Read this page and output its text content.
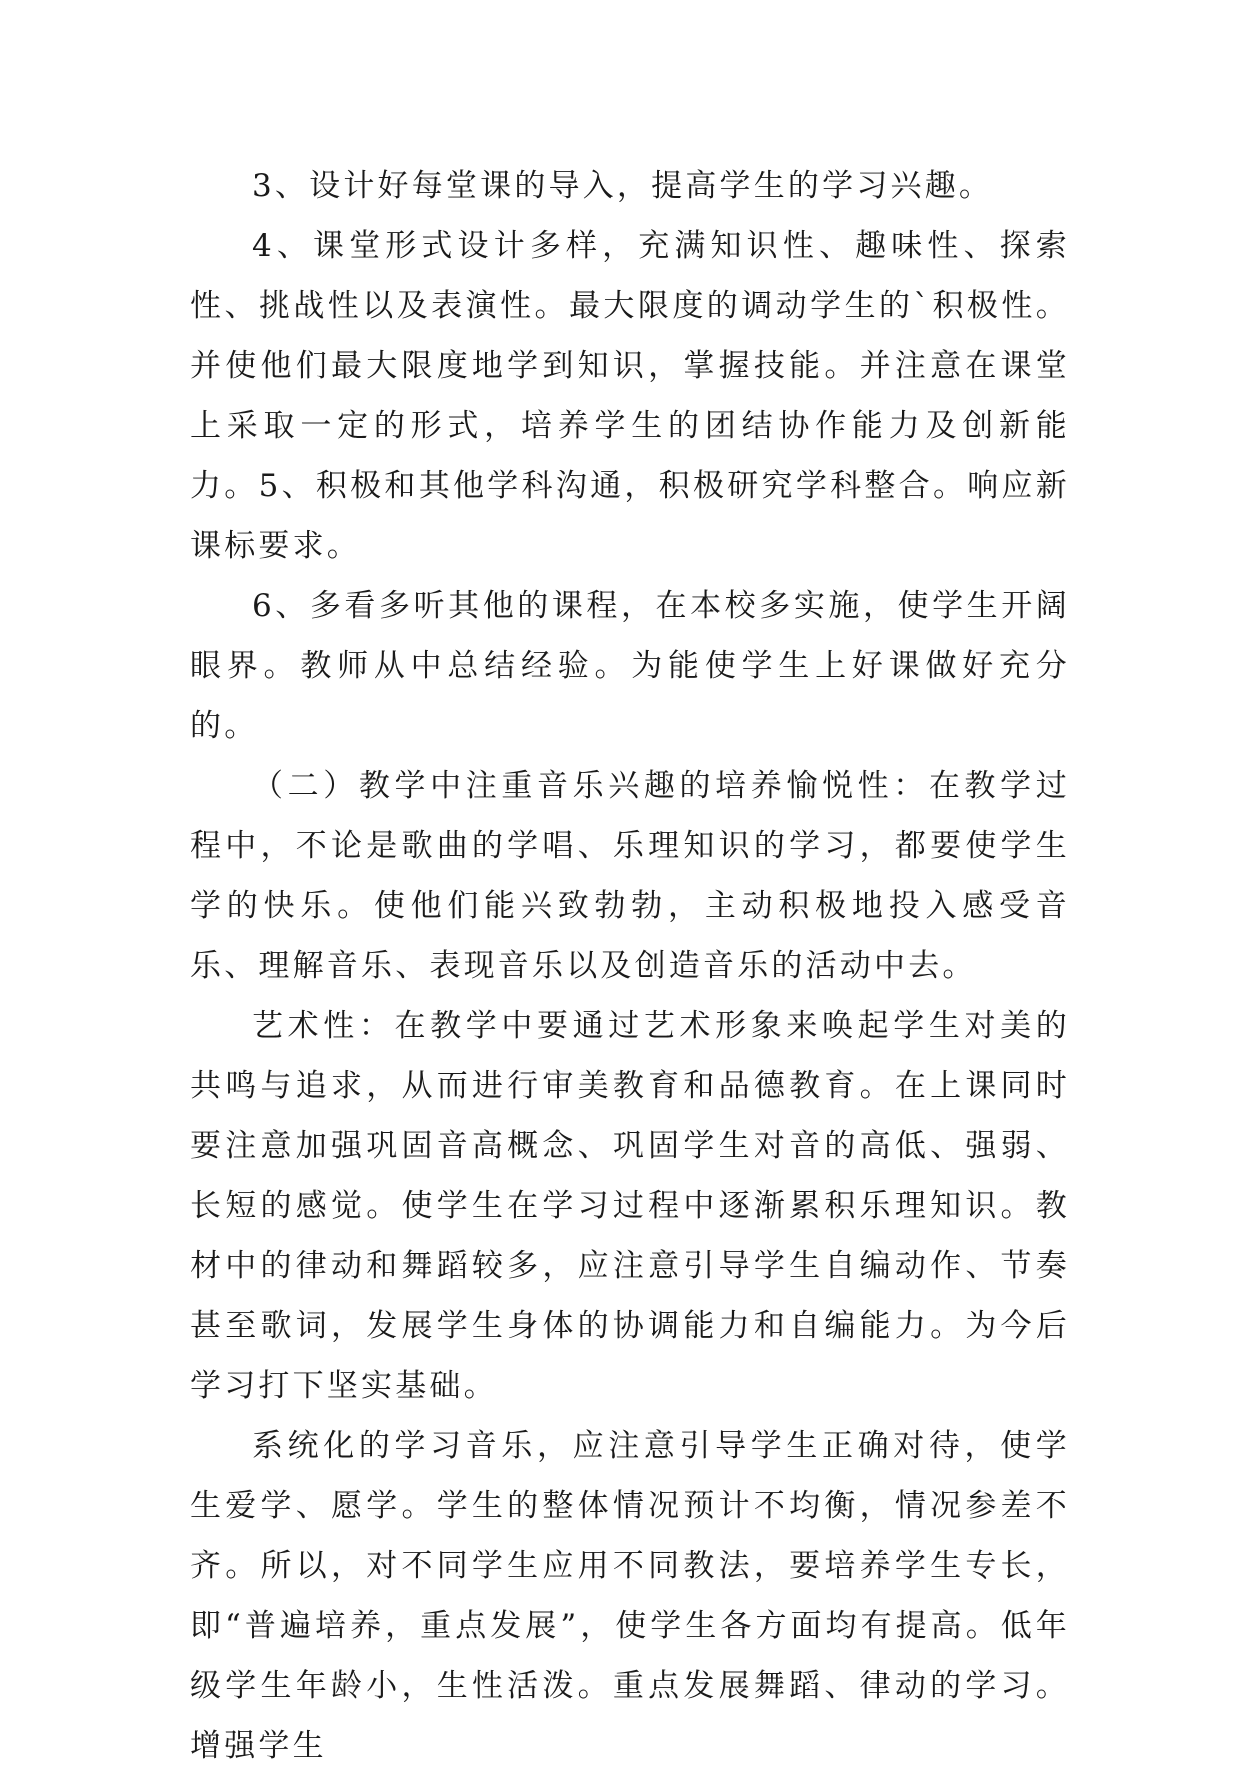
3、设计好每堂课的导入，提高学生的学习兴趣。

4、课堂形式设计多样，充满知识性、趣味性、探索性、挑战性以及表演性。最大限度的调动学生的`积极性。并使他们最大限度地学到知识，掌握技能。并注意在课堂上采取一定的形式，培养学生的团结协作能力及创新能力。5、积极和其他学科沟通，积极研究学科整合。响应新课标要求。

6、多看多听其他的课程，在本校多实施，使学生开阔眼界。教师从中总结经验。为能使学生上好课做好充分的。

（二）教学中注重音乐兴趣的培养愉悦性：在教学过程中，不论是歌曲的学唱、乐理知识的学习，都要使学生学的快乐。使他们能兴致勃勃，主动积极地投入感受音乐、理解音乐、表现音乐以及创造音乐的活动中去。

艺术性：在教学中要通过艺术形象来唤起学生对美的共鸣与追求，从而进行审美教育和品德教育。在上课同时要注意加强巩固音高概念、巩固学生对音的高低、强弱、长短的感觉。使学生在学习过程中逐渐累积乐理知识。教材中的律动和舞蹈较多，应注意引导学生自编动作、节奏甚至歌词，发展学生身体的协调能力和自编能力。为今后学习打下坚实基础。

系统化的学习音乐，应注意引导学生正确对待，使学生爱学、愿学。学生的整体情况预计不均衡，情况参差不齐。所以，对不同学生应用不同教法，要培养学生专长，即“普遍培养，重点发展”，使学生各方面均有提高。低年级学生年龄小，生性活泼。重点发展舞蹈、律动的学习。增强学生
